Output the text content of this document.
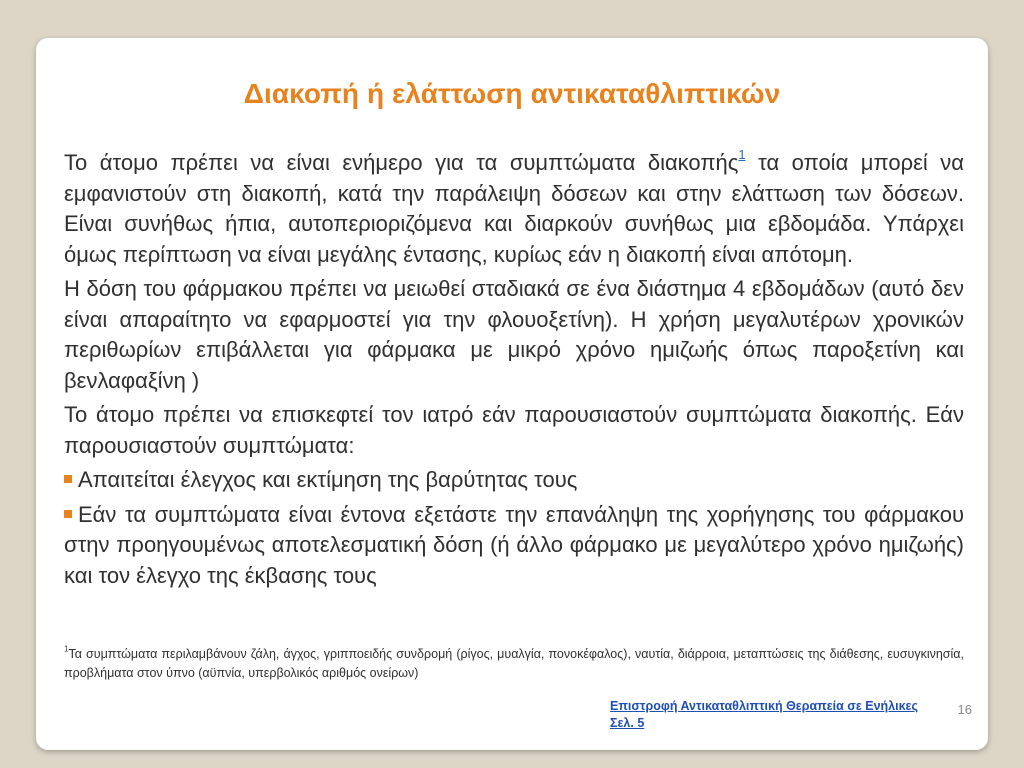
Διακοπή ή ελάττωση αντικαταθλιπτικών

Το άτομο πρέπει να είναι ενήμερο για τα συμπτώματα διακοπής$^1$ τα οποία μπορεί να εμφανιστούν στη διακοπή, κατά την παράλειψη δόσεων και στην ελάττωση των δόσεων. Είναι συνήθως ήπια, αυτοπεριοριζόμενα και διαρκούν συνήθως μια εβδομάδα. Υπάρχει όμως περίπτωση να είναι μεγάλης έντασης, κυρίως εάν η διακοπή είναι απότομη.

Η δόση του φάρμακου πρέπει να μειωθεί σταδιακά σε ένα διάστημα 4 εβδομάδων (αυτό δεν είναι απαραίτητο να εφαρμοστεί για την φλουοξετίνη). Η χρήση μεγαλυτέρων χρονικών περιθωρίων επιβάλλεται για φάρμακα με μικρό χρόνο ημιζωής όπως παροξετίνη και βενλαφαξίνη )

Το άτομο πρέπει να επισκεφτεί τον ιατρό εάν παρουσιαστούν συμπτώματα διακοπής. Εάν παρουσιαστούν συμπτώματα:

Απαιτείται έλεγχος και εκτίμηση της βαρύτητας τους
Εάν τα συμπτώματα είναι έντονα εξετάστε την επανάληψη της χορήγησης του φάρμακου στην προηγουμένως αποτελεσματική δόση (ή άλλο φάρμακο με μεγαλύτερο χρόνο ημιζωής) και τον έλεγχο της έκβασης τους
$^1$Τα συμπτώματα περιλαμβάνουν ζάλη, άγχος, γριπποειδής συνδρομή (ρίγος, μυαλγία, πονοκέφαλος), ναυτία, διάρροια, μεταπτώσεις της διάθεσης, ευσυγκινησία, προβλήματα στον ύπνο (αϋπνία, υπερβολικός αριθμός ονείρων)
Επιστροφή Αντικαταθλιπτική Θεραπεία σε Ενήλικες Σελ. 5
16
